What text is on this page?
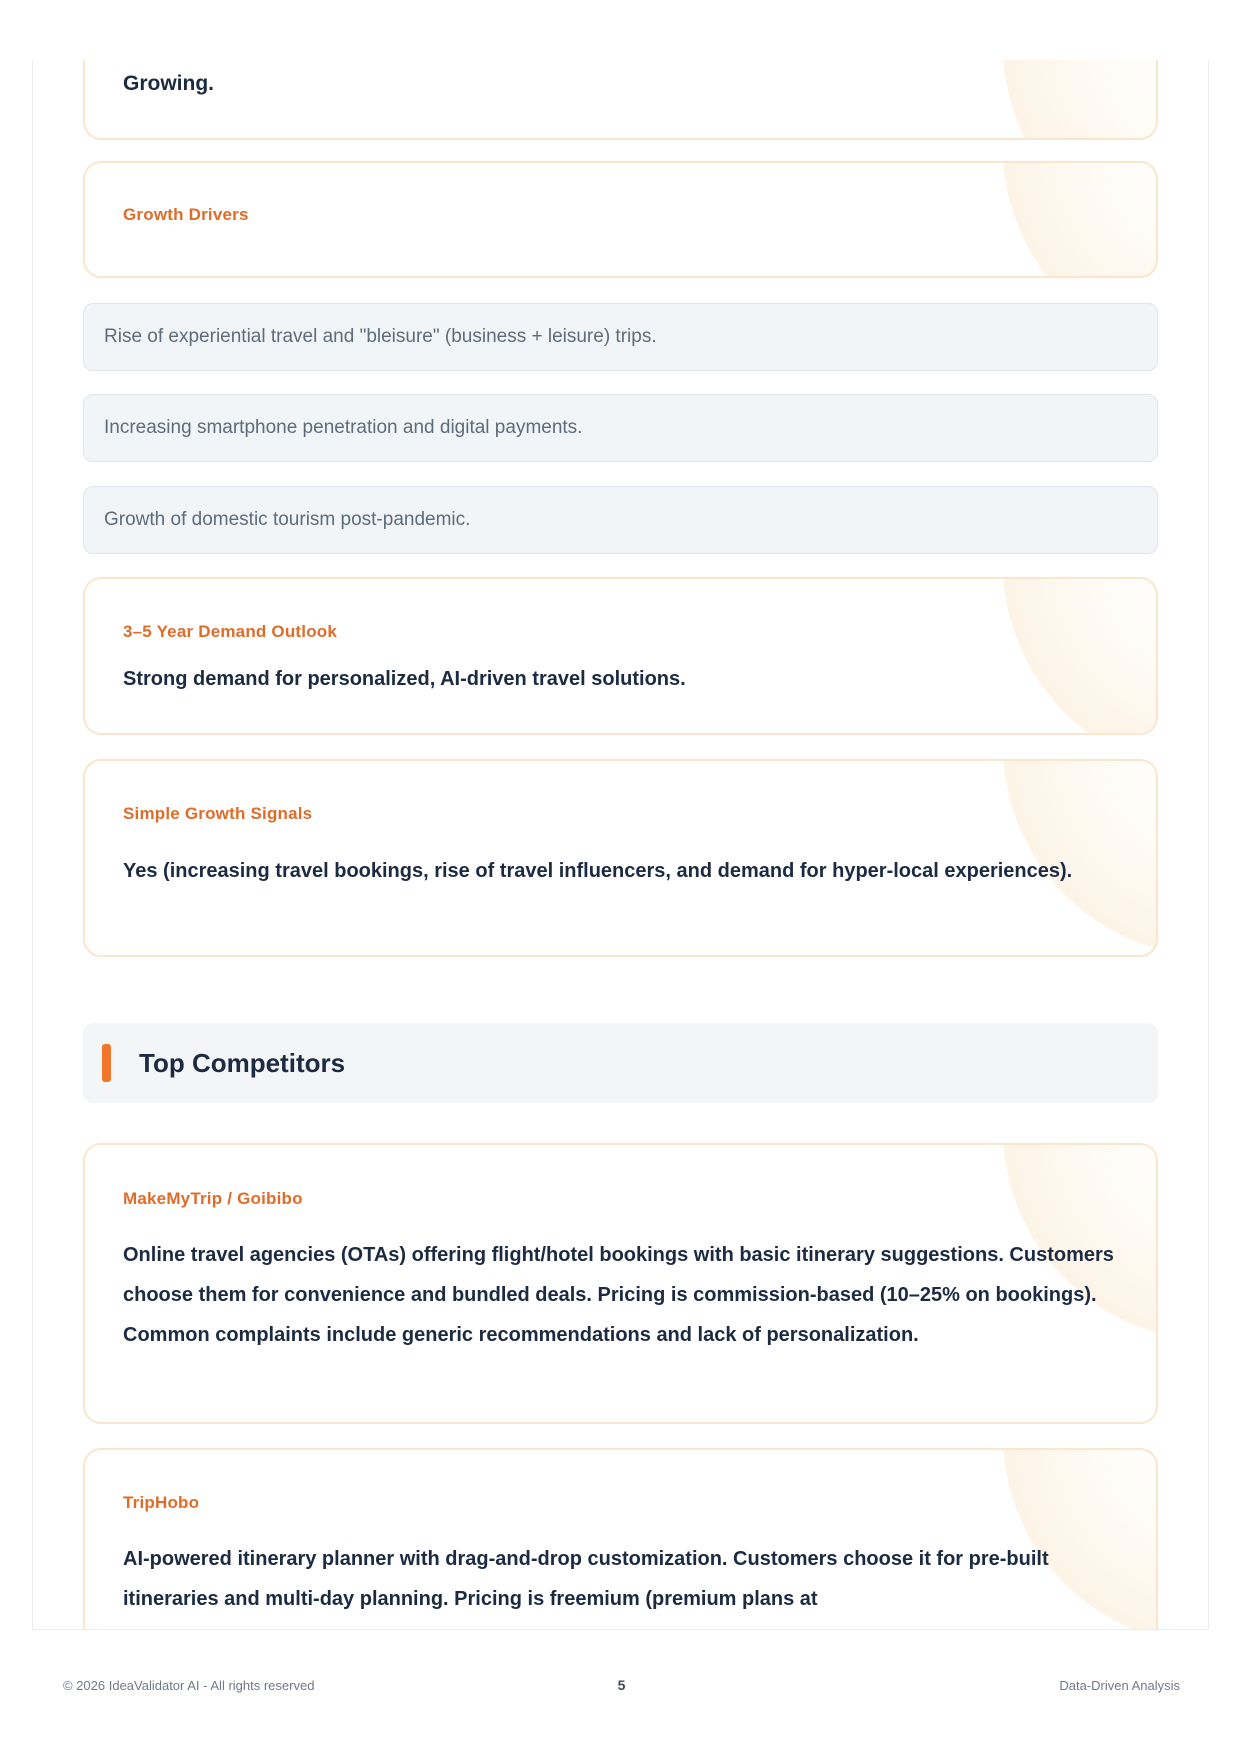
Growing.

Growth Drivers
Rise of experiential travel and "bleisure" (business + leisure) trips.
Increasing smartphone penetration and digital payments.
Growth of domestic tourism post-pandemic.
3–5 Year Demand Outlook

Strong demand for personalized, AI-driven travel solutions.

Simple Growth Signals

Yes (increasing travel bookings, rise of travel influencers, and demand for hyper-local experiences).

Top Competitors
MakeMyTrip / Goibibo

Online travel agencies (OTAs) offering flight/hotel bookings with basic itinerary suggestions. Customers choose them for convenience and bundled deals. Pricing is commission-based (10–25% on bookings). Common complaints include generic recommendations and lack of personalization.

TripHobo

AI-powered itinerary planner with drag-and-drop customization. Customers choose it for pre-built itineraries and multi-day planning. Pricing is freemium (premium plans at

© 2026 IdeaValidator AI - All rights reserved	5	Data-Driven Analysis
